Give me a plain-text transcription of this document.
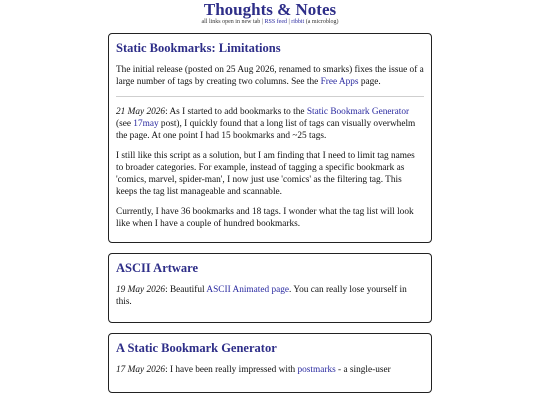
Thoughts & Notes
all links open in new tab | RSS feed | ribbit (a microblog)
Static Bookmarks: Limitations

The initial release (posted on 25 Aug 2026, renamed to smarks) fixes the issue of a large number of tags by creating two columns. See the Free Apps page.

21 May 2026: As I started to add bookmarks to the Static Bookmark Generator (see 17may post), I quickly found that a long list of tags can visually overwhelm the page. At one point I had 15 bookmarks and ~25 tags.

I still like this script as a solution, but I am finding that I need to limit tag names to broader categories. For example, instead of tagging a specific bookmark as 'comics, marvel, spider-man', I now just use 'comics' as the filtering tag. This keeps the tag list manageable and scannable.

Currently, I have 36 bookmarks and 18 tags. I wonder what the tag list will look like when I have a couple of hundred bookmarks.

ASCII Artware

19 May 2026: Beautiful ASCII Animated page. You can really lose yourself in this.

A Static Bookmark Generator

17 May 2026: I have been really impressed with postmarks - a single-user
